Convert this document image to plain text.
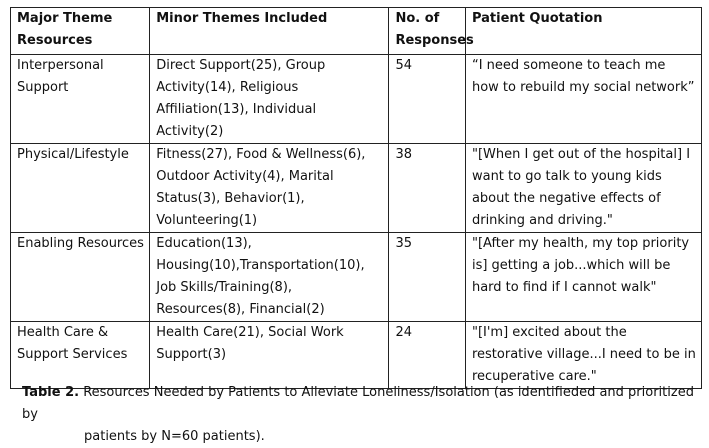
Major Theme Resources	Minor Themes Included	No. of Responses	Patient Quotation
Interpersonal Support	Direct Support(25), Group Activity(14), Religious Affiliation(13), Individual Activity(2)	54	“I need someone to teach me how to rebuild my social network”
Physical/Lifestyle	Fitness(27), Food & Wellness(6), Outdoor Activity(4), Marital Status(3), Behavior(1), Volunteering(1)	38	"[When I get out of the hospital] I want to go talk to young kids about the negative effects of drinking and driving."
Enabling Resources	Education(13), Housing(10),Transportation(10), Job Skills/Training(8), Resources(8), Financial(2)	35	"[After my health, my top priority is] getting a job...which will be hard to find if I cannot walk"
Health Care & Support Services	Health Care(21), Social Work Support(3)	24	"[I'm] excited about the restorative village...I need to be in recuperative care."
Table 2. Resources Needed by Patients to Alleviate Loneliness/Isolation (as identifieded and prioritized by
patients by N=60 patients).
